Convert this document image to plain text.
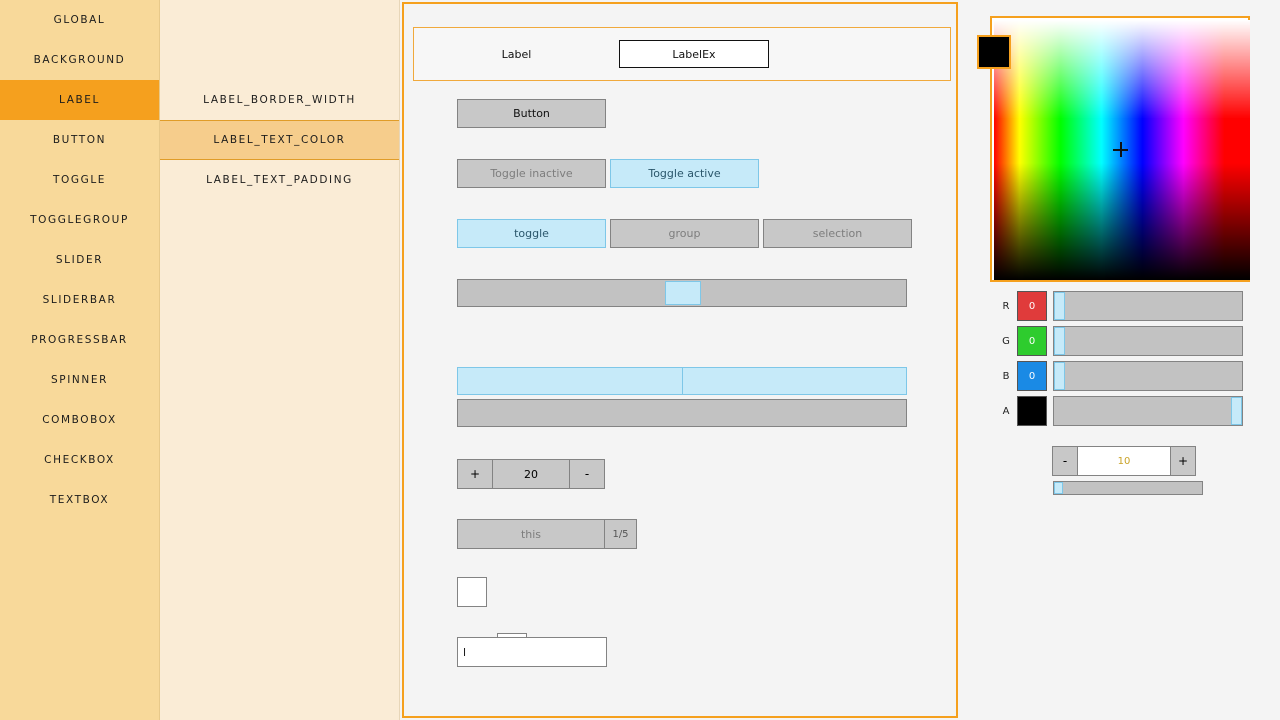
GLOBAL
BACKGROUND
LABEL
BUTTON
TOGGLE
TOGGLEGROUP
SLIDER
SLIDERBAR
PROGRESSBAR
SPINNER
COMBOBOX
CHECKBOX
TEXTBOX
LABEL_BORDER_WIDTH
LABEL_TEXT_COLOR
LABEL_TEXT_PADDING
Label	LabelEx
Button
Toggle inactive	Toggle active
toggle	group	selection
+	20	-
this	1/5
l
R	0
G	0
B	0
A
-	10	+
